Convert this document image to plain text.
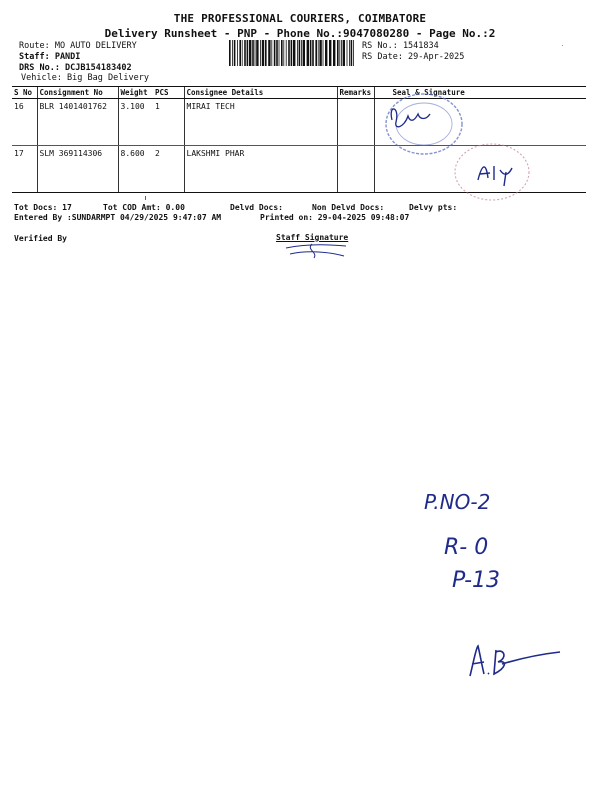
THE PROFESSIONAL COURIERS, COIMBATORE
Delivery Runsheet - PNP - Phone No.:9047080280 - Page No.:2
Route: MO AUTO DELIVERY
Staff: PANDI
DRS No.: DCJB154183402
Vehicle: Big Bag Delivery
RS No.: 1541834
RS Date: 29-Apr-2025
S No	Consignment No	Weight	PCS	Consignee Details	Remarks	Seal & Signature
16	BLR 1401401762	3.100	1	MIRAI TECH		
17	SLM 369114306	8.600	2	LAKSHMI PHAR		
Tot Docs: 17	Tot COD Amt: 0.00	Delvd Docs:	Non Delvd Docs:	Delvy pts:
Entered By :SUNDARMPT 04/29/2025 9:47:07 AM	Printed on: 29-04-2025 09:48:07
Verified By	Staff Signature
P.NO-2
R- 0
P-13
